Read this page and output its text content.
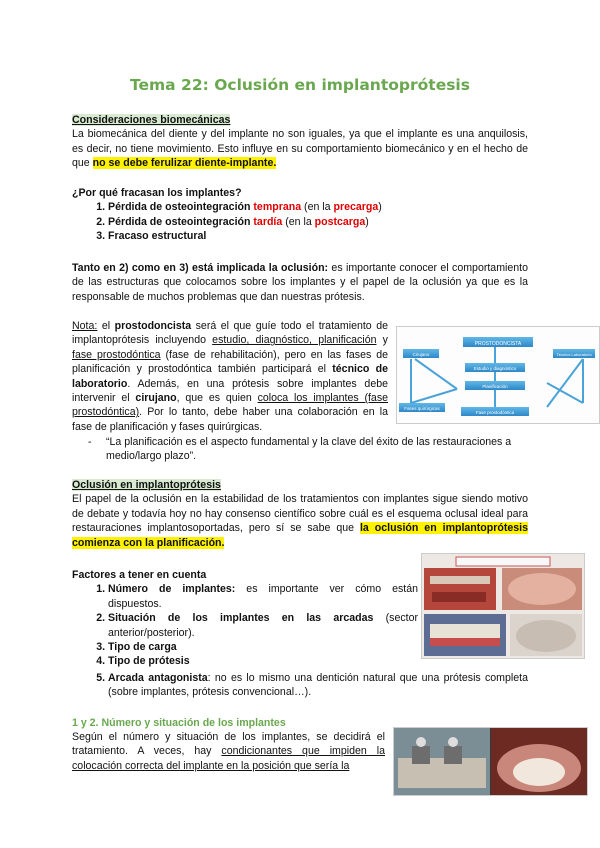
Tema 22: Oclusión en implantoprótesis
Consideraciones biomecánicas
La biomecánica del diente y del implante no son iguales, ya que el implante es una anquilosis, es decir, no tiene movimiento. Esto influye en su comportamiento biomecánico y en el hecho de que no se debe ferulizar diente-implante.
¿Por qué fracasan los implantes?
1. Pérdida de osteointegración temprana (en la precarga)
2. Pérdida de osteointegración tardía (en la postcarga)
3. Fracaso estructural
Tanto en 2) como en 3) está implicada la oclusión: es importante conocer el comportamiento de las estructuras que colocamos sobre los implantes y el papel de la oclusión ya que es la responsable de muchos problemas que dan nuestras prótesis.
Nota: el prostodoncista será el que guíe todo el tratamiento de implantoprótesis incluyendo estudio, diagnóstico, planificación y fase prostodóntica (fase de rehabilitación), pero en las fases de planificación y prostodóntica también participará el técnico de laboratorio. Además, en una prótesis sobre implantes debe intervenir el cirujano, que es quien coloca los implantes (fase prostodóntica). Por lo tanto, debe haber una colaboración en la fase de planificación y fases quirúrgicas.
- “La planificación es el aspecto fundamental y la clave del éxito de las restauraciones a medio/largo plazo”.
PROSTODONCISTA
Cirujano	Técnico Laboratorio
Estudio y diagnóstico
Planificación
Fase prostodóntica
Fases quirúrgicas
Oclusión en implantoprótesis
El papel de la oclusión en la estabilidad de los tratamientos con implantes sigue siendo motivo de debate y todavía hoy no hay consenso científico sobre cuál es el esquema oclusal ideal para restauraciones implantosoportadas, pero sí se sabe que la oclusión en implantoprótesis comienza con la planificación.
Factores a tener en cuenta
1. Número de implantes: es importante ver cómo están dispuestos.
2. Situación de los implantes en las arcadas (sector anterior/posterior).
3. Tipo de carga
4. Tipo de prótesis
5. Arcada antagonista: no es lo mismo una dentición natural que una prótesis completa (sobre implantes, prótesis convencional…).
1 y 2. Número y situación de los implantes
Según el número y situación de los implantes, se decidirá el tratamiento. A veces, hay condicionantes que impiden la colocación correcta del implante en la posición que sería la
